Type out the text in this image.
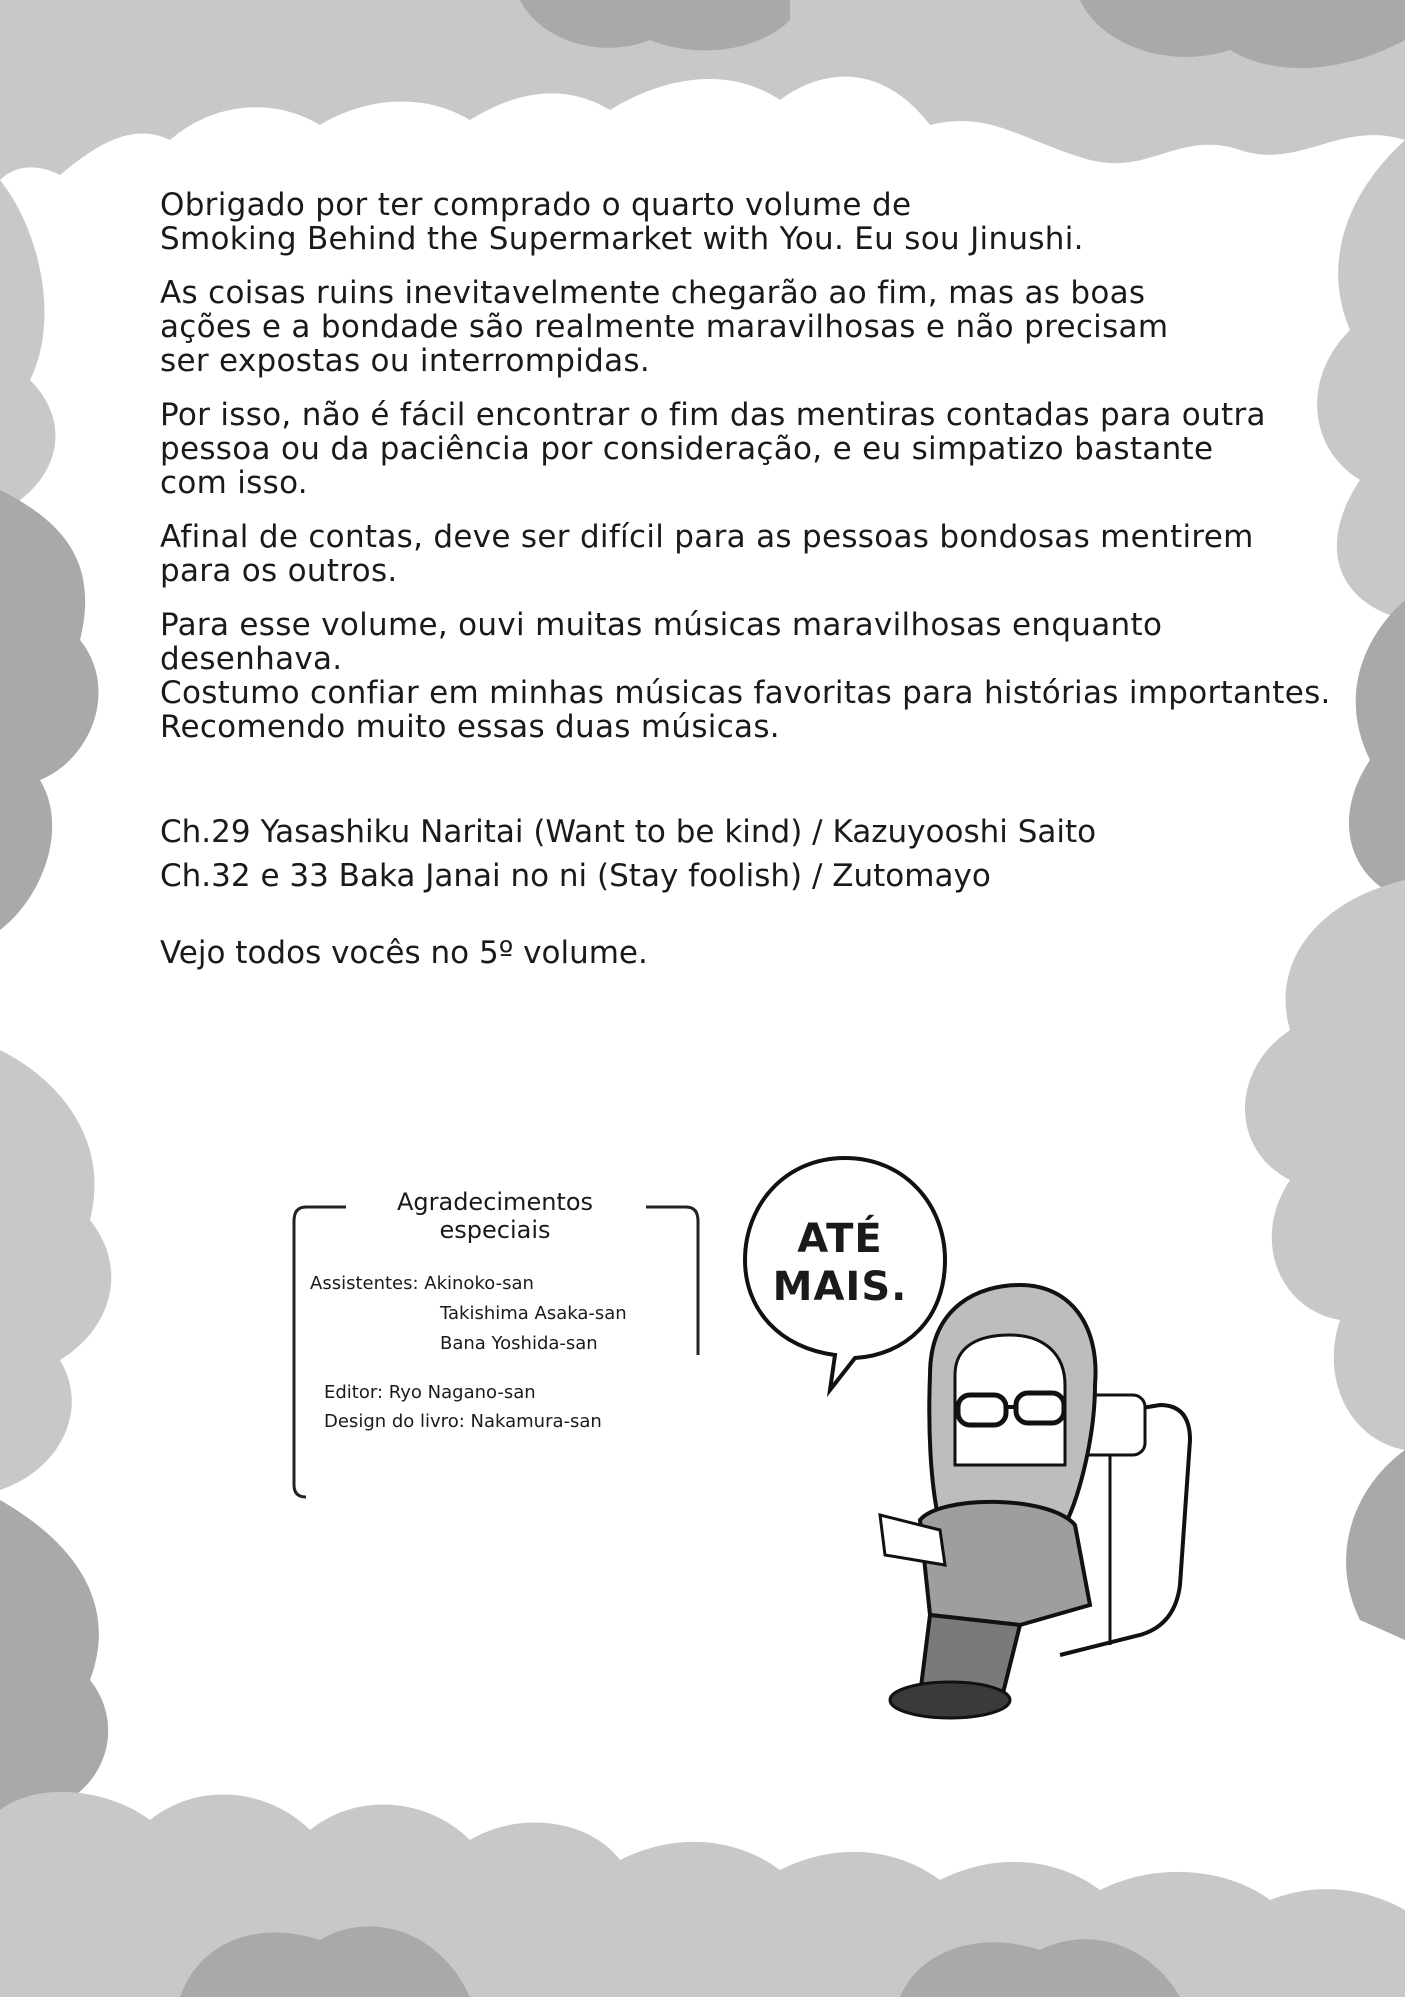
Obrigado por ter comprado o quarto volume de
Smoking Behind the Supermarket with You. Eu sou Jinushi.

As coisas ruins inevitavelmente chegarão ao fim, mas as boas
ações e a bondade são realmente maravilhosas e não precisam
ser expostas ou interrompidas.

Por isso, não é fácil encontrar o fim das mentiras contadas para outra
pessoa ou da paciência por consideração, e eu simpatizo bastante
com isso.

Afinal de contas, deve ser difícil para as pessoas bondosas mentirem
para os outros.

Para esse volume, ouvi muitas músicas maravilhosas enquanto desenhava.
Costumo confiar em minhas músicas favoritas para histórias importantes.
Recomendo muito essas duas músicas.

Ch.29 Yasashiku Naritai (Want to be kind) / Kazuyooshi Saito
Ch.32 e 33 Baka Janai no ni (Stay foolish) / Zutomayo
Vejo todos vocês no 5º volume.
Agradecimentos
especiais
Assistentes: Akinoko-san
Takishima Asaka-san
Bana Yoshida-san
Editor: Ryo Nagano-san
Design do livro: Nakamura-san
ATÉ
MAIS.
